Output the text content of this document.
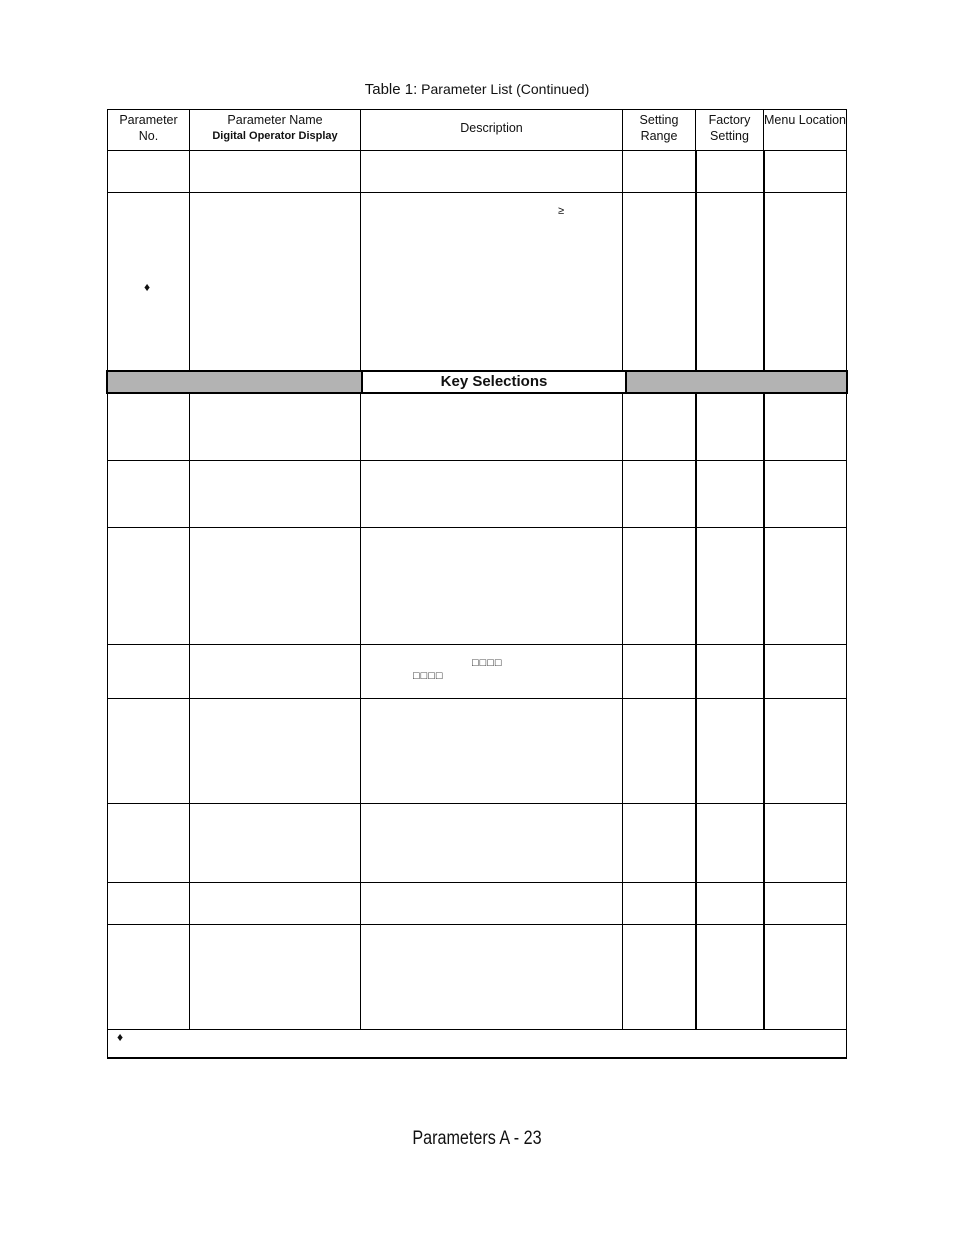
Table 1: Parameter List (Continued)
Parameter No.
Parameter Name
Digital Operator Display
Description
Setting Range
Factory Setting
Menu Location
≥
♦
Key Selections
□□□□
□□□□
♦
Parameters A - 23
